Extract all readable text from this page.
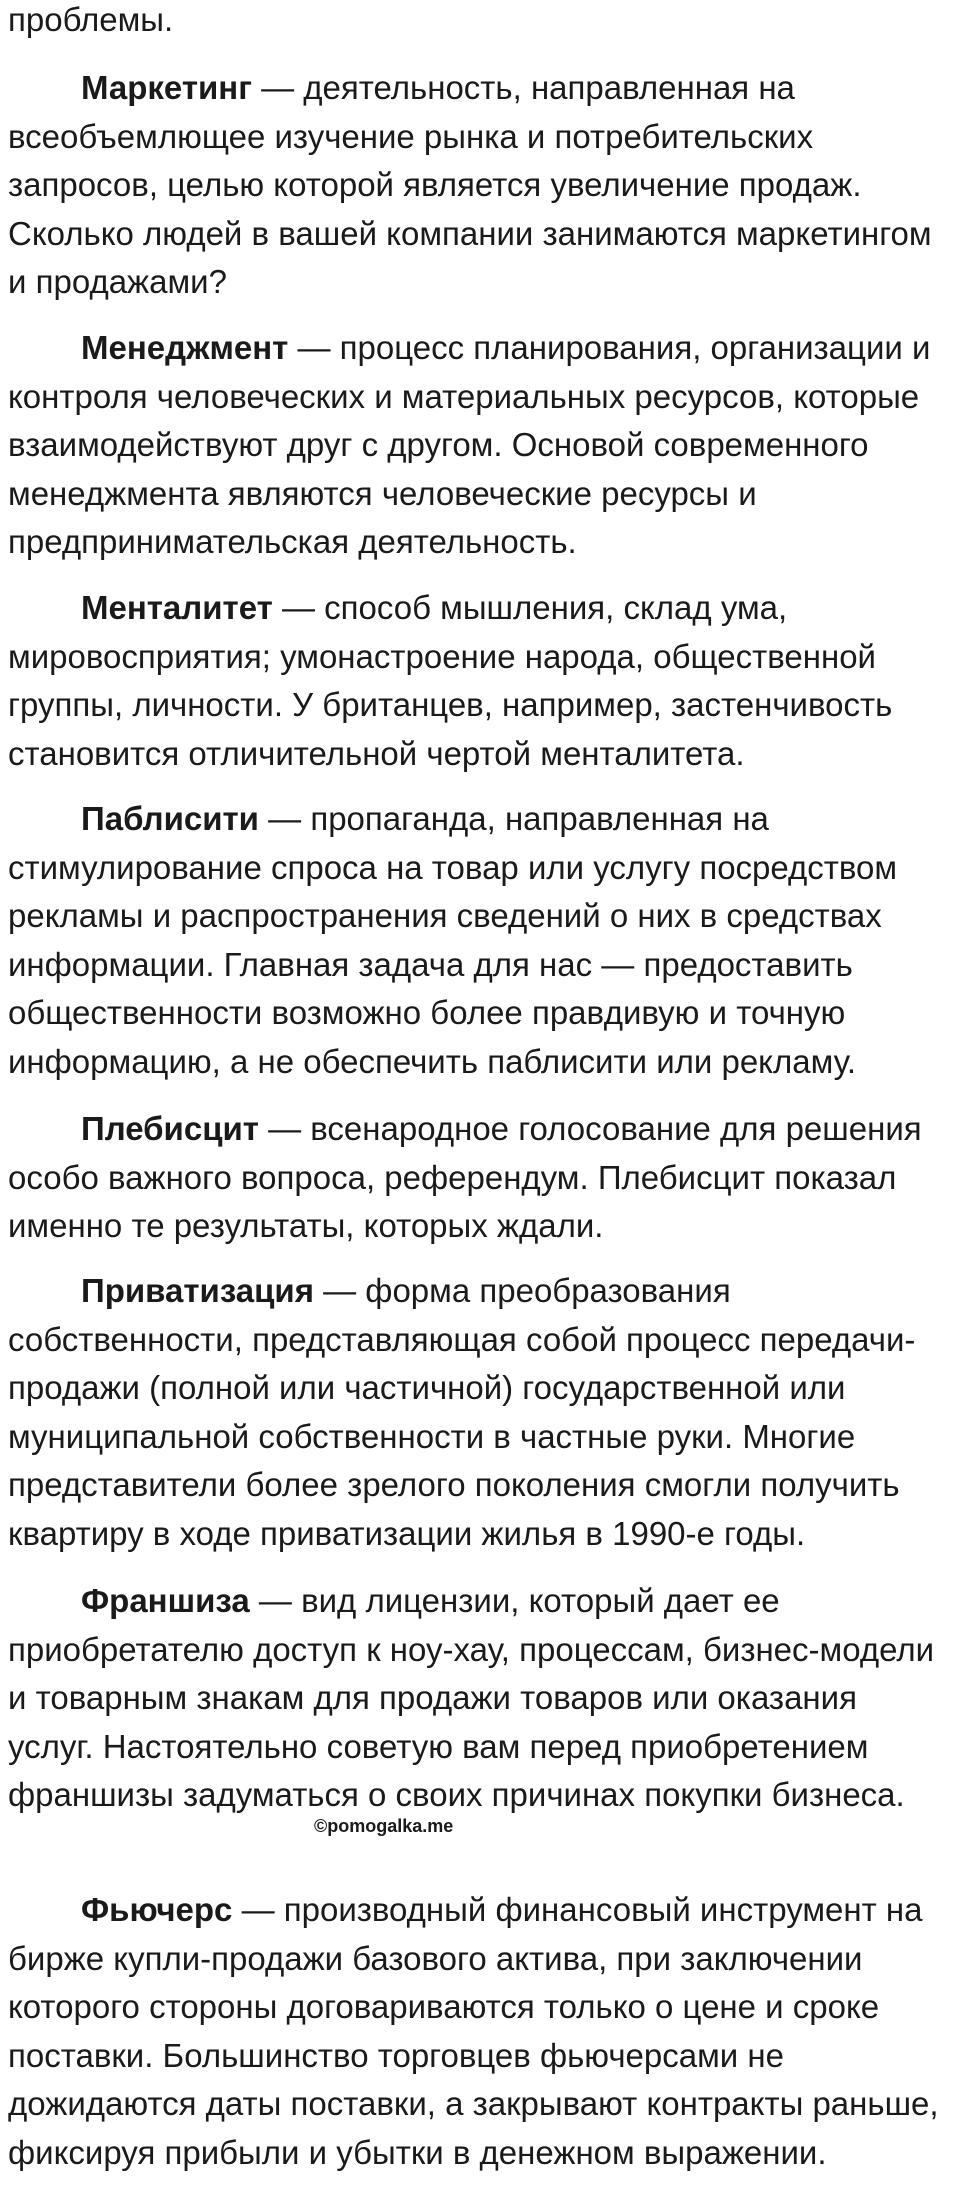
проблемы.

Маркетинг — деятельность, направленная на всеобъемлющее изучение рынка и потребительских запросов, целью которой является увеличение продаж. Сколько людей в вашей компании занимаются маркетингом и продажами?

Менеджмент — процесс планирования, организации и контроля человеческих и материальных ресурсов, которые взаимодействуют друг с другом. Основой современного менеджмента являются человеческие ресурсы и предпринимательская деятельность.

Менталитет — способ мышления, склад ума, мировосприятия; умонастроение народа, общественной группы, личности. У британцев, например, застенчивость становится отличительной чертой менталитета.

Паблисити — пропаганда, направленная на стимулирование спроса на товар или услугу посредством рекламы и распространения сведений о них в средствах информации. Главная задача для нас — предоставить общественности возможно более правдивую и точную информацию, а не обеспечить паблисити или рекламу.

Плебисцит — всенародное голосование для решения особо важного вопроса, референдум. Плебисцит показал именно те результаты, которых ждали.

Приватизация — форма преобразования собственности, представляющая собой процесс передачи-продажи (полной или частичной) государственной или муниципальной собственности в частные руки. Многие представители более зрелого поколения смогли получить квартиру в ходе приватизации жилья в 1990-е годы.

Франшиза — вид лицензии, который дает ее приобретателю доступ к ноу-хау, процессам, бизнес-модели и товарным знакам для продажи товаров или оказания услуг. Настоятельно советую вам перед приобретением франшизы задуматься о своих причинах покупки бизнеса.

Фьючерс — производный финансовый инструмент на бирже купли-продажи базового актива, при заключении которого стороны договариваются только о цене и сроке поставки. Большинство торговцев фьючерсами не дожидаются даты поставки, а закрывают контракты раньше, фиксируя прибыли и убытки в денежном выражении.

©pomogalka.me
